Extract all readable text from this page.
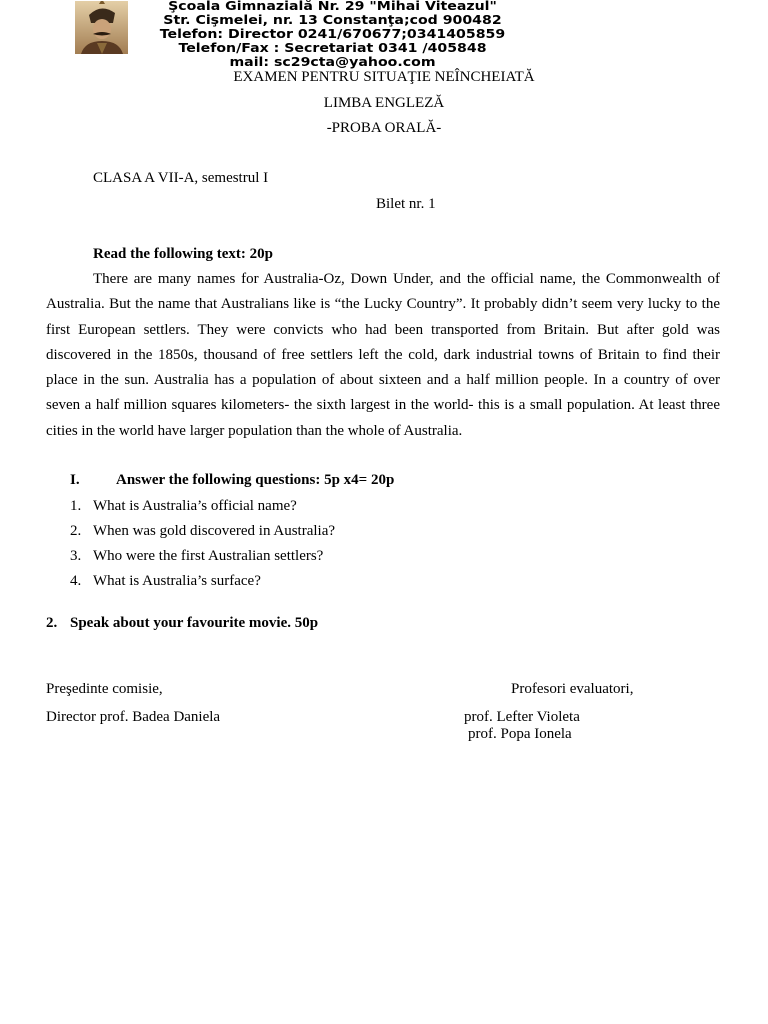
Şcoala Gimnazială Nr. 29 "Mihai Viteazul"
Str. Cişmelei, nr. 13 Constanţa;cod 900482
Telefon: Director 0241/670677;0341405859
Telefon/Fax : Secretariat 0341 /405848
mail: sc29cta@yahoo.com
EXAMEN PENTRU SITUAŢIE NEÎNCHEIATĂ
LIMBA ENGLEZĂ
-PROBA ORALĂ-
CLASA A VII-A, semestrul I
Bilet nr. 1
Read the following text: 20p
There are many names for Australia-Oz, Down Under, and the official name, the Commonwealth of Australia. But the name that Australians like is “the Lucky Country”. It probably didn’t seem very lucky to the first European settlers. They were convicts who had been transported from Britain. But after gold was discovered in the 1850s, thousand of free settlers left the cold, dark industrial towns of Britain to find their place in the sun. Australia has a population of about sixteen and a half million people. In a country of over seven a half million squares kilometers- the sixth largest in the world- this is a small population. At least three cities in the world have larger population than the whole of Australia.
I. Answer the following questions: 5p x4= 20p
1. What is Australia’s official name?
2. When was gold discovered in Australia?
3. Who were the first Australian settlers?
4. What is Australia’s surface?
2. Speak about your favourite movie. 50p
Preşedinte comisie,
Director prof. Badea Daniela
Profesori evaluatori,
prof. Lefter Violeta
prof. Popa Ionela
